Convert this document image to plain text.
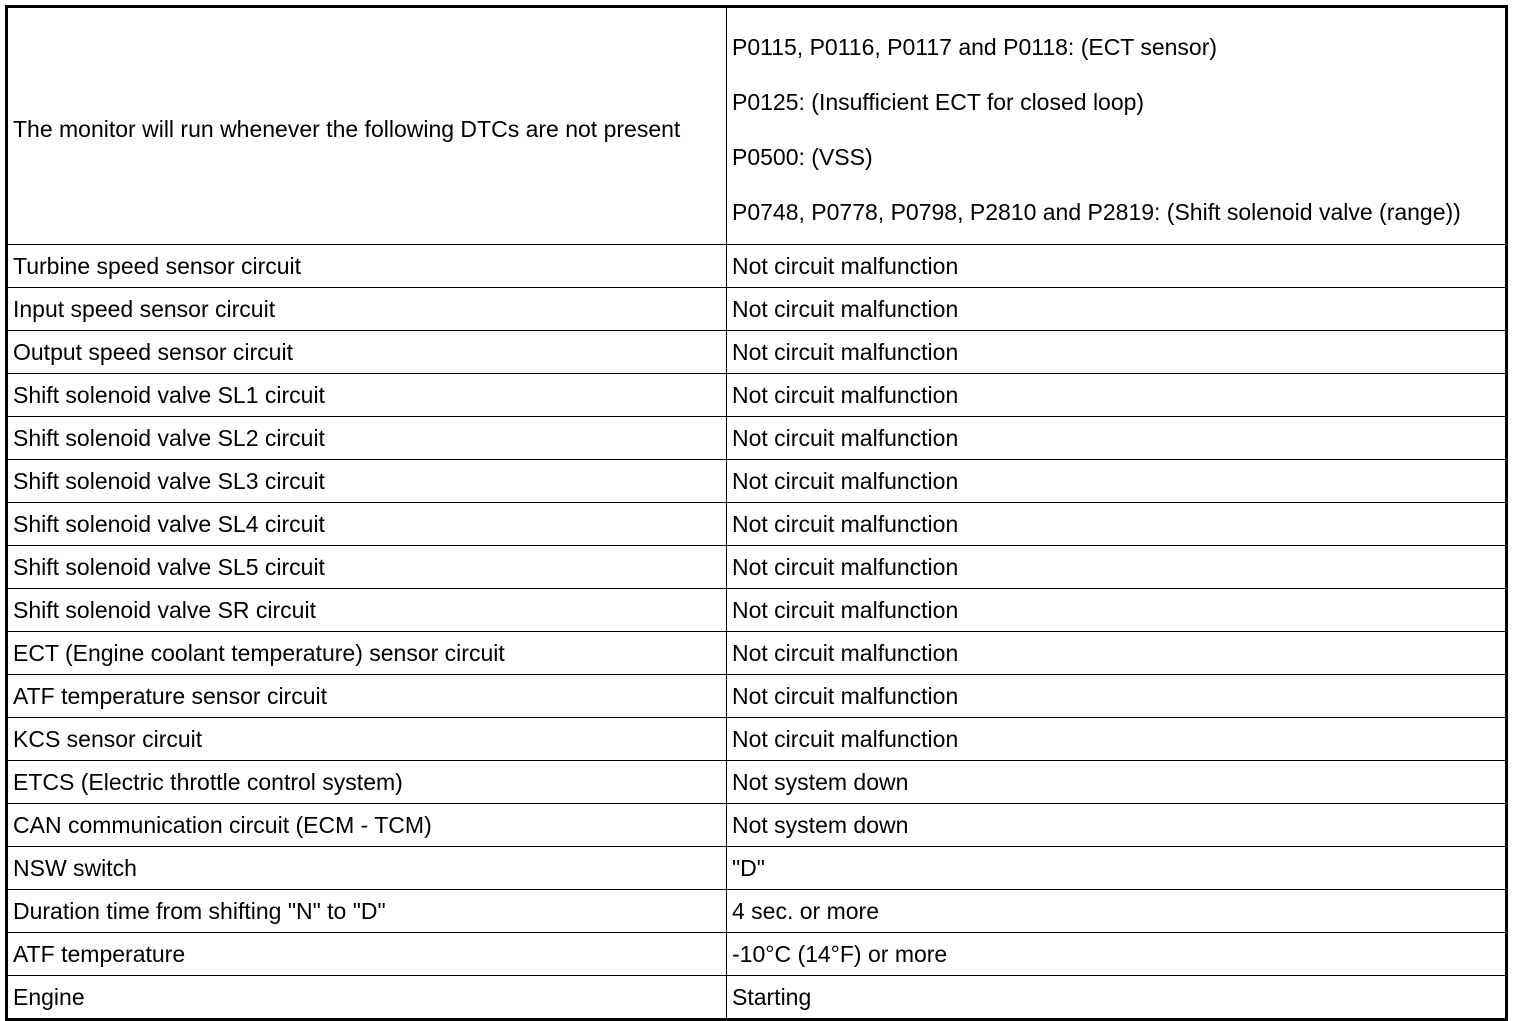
The monitor will run whenever the following DTCs are not present	P0115, P0116, P0117 and P0118: (ECT sensor)
P0125: (Insufficient ECT for closed loop)
P0500: (VSS)
P0748, P0778, P0798, P2810 and P2819: (Shift solenoid valve (range))

Turbine speed sensor circuit	Not circuit malfunction
Input speed sensor circuit	Not circuit malfunction
Output speed sensor circuit	Not circuit malfunction
Shift solenoid valve SL1 circuit	Not circuit malfunction
Shift solenoid valve SL2 circuit	Not circuit malfunction
Shift solenoid valve SL3 circuit	Not circuit malfunction
Shift solenoid valve SL4 circuit	Not circuit malfunction
Shift solenoid valve SL5 circuit	Not circuit malfunction
Shift solenoid valve SR circuit	Not circuit malfunction
ECT (Engine coolant temperature) sensor circuit	Not circuit malfunction
ATF temperature sensor circuit	Not circuit malfunction
KCS sensor circuit	Not circuit malfunction
ETCS (Electric throttle control system)	Not system down
CAN communication circuit (ECM - TCM)	Not system down
NSW switch	"D"
Duration time from shifting "N" to "D"	4 sec. or more
ATF temperature	-10°C (14°F) or more
Engine	Starting
